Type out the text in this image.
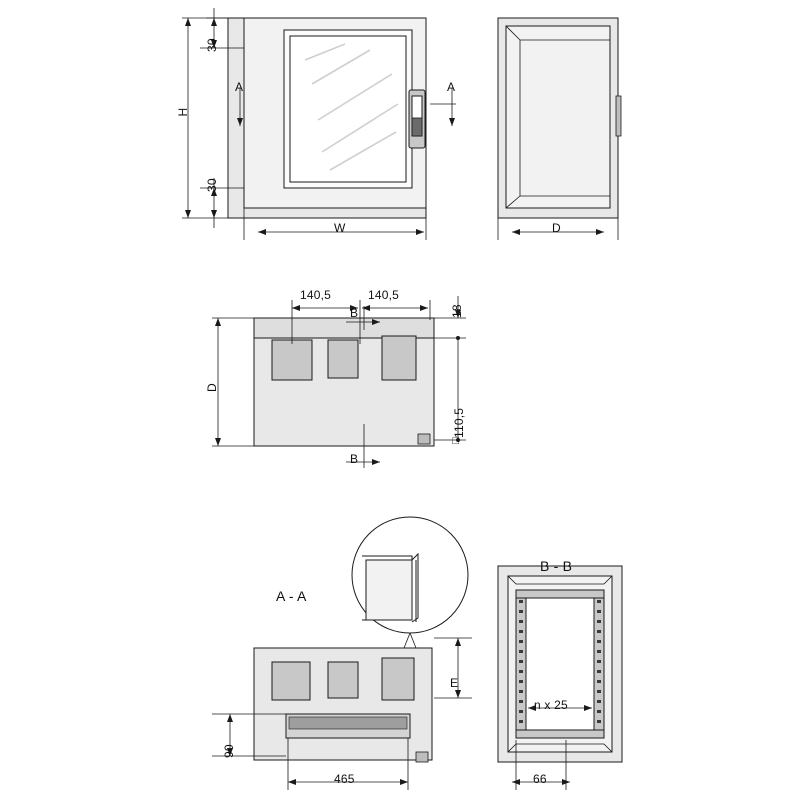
H
30
30
W
A	A
D
140,5	140,5
D
18
110,5
□
B
B
A - A
E
90
465
B - B
n x 25
66
